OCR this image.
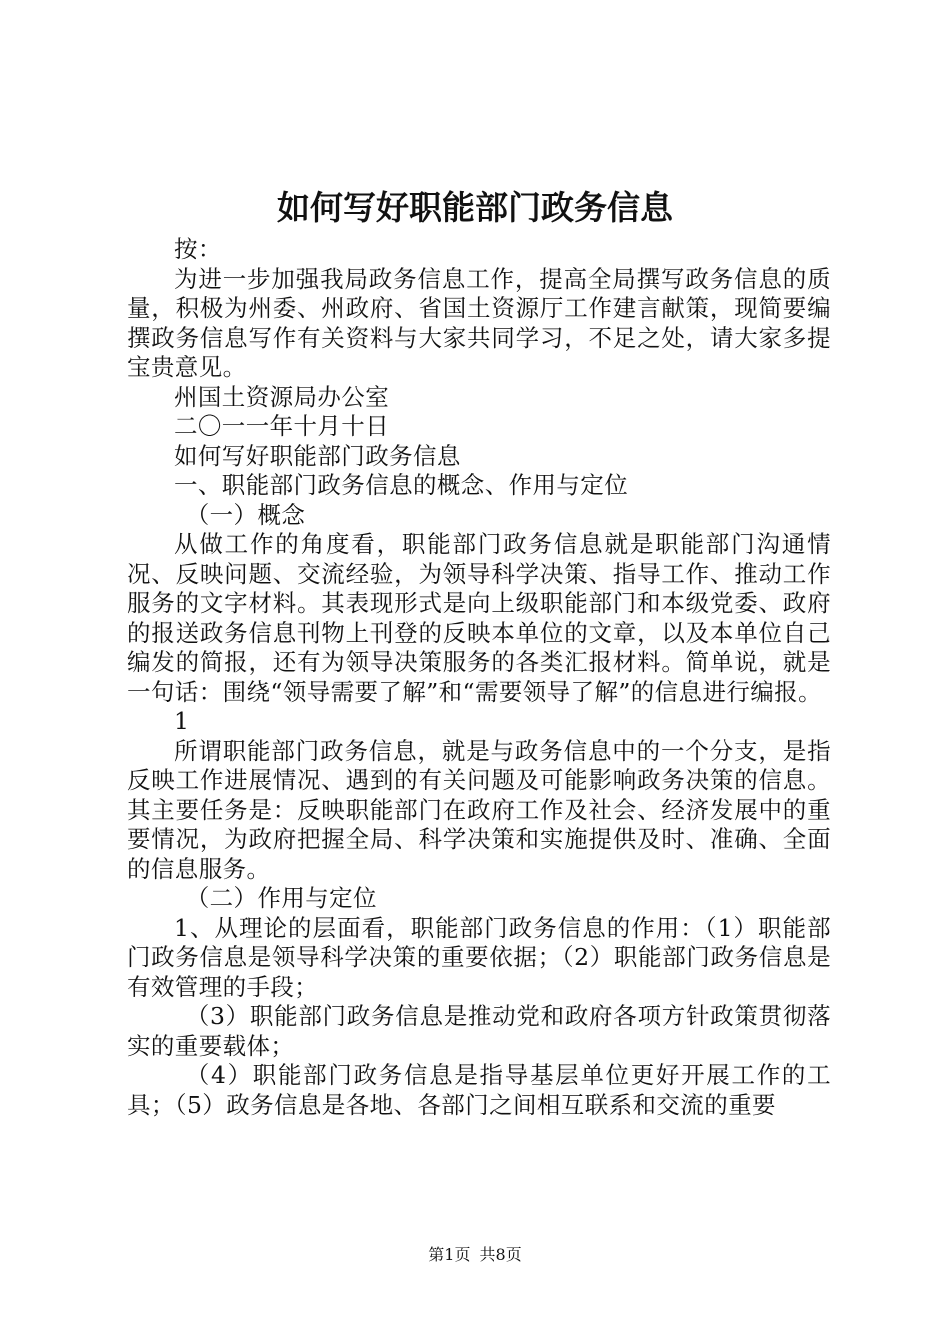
如何写好职能部门政务信息

按：

为进一步加强我局政务信息工作，提高全局撰写政务信息的质量，积极为州委、州政府、省国土资源厅工作建言献策，现简要编撰政务信息写作有关资料与大家共同学习，不足之处，请大家多提宝贵意见。

州国土资源局办公室

二〇一一年十月十日

如何写好职能部门政务信息

一、职能部门政务信息的概念、作用与定位

（一）概念

从做工作的角度看，职能部门政务信息就是职能部门沟通情况、反映问题、交流经验，为领导科学决策、指导工作、推动工作服务的文字材料。其表现形式是向上级职能部门和本级党委、政府的报送政务信息刊物上刊登的反映本单位的文章，以及本单位自己编发的简报，还有为领导决策服务的各类汇报材料。简单说，就是一句话：围绕“领导需要了解”和“需要领导了解”的信息进行编报。

1

所谓职能部门政务信息，就是与政务信息中的一个分支，是指反映工作进展情况、遇到的有关问题及可能影响政务决策的信息。其主要任务是：反映职能部门在政府工作及社会、经济发展中的重要情况，为政府把握全局、科学决策和实施提供及时、准确、全面的信息服务。

（二）作用与定位

1、从理论的层面看，职能部门政务信息的作用：（1）职能部门政务信息是领导科学决策的重要依据；（2）职能部门政务信息是有效管理的手段；

（3）职能部门政务信息是推动党和政府各项方针政策贯彻落实的重要载体；

（4）职能部门政务信息是指导基层单位更好开展工作的工具；（5）政务信息是各地、各部门之间相互联系和交流的重要

第1页 共8页
